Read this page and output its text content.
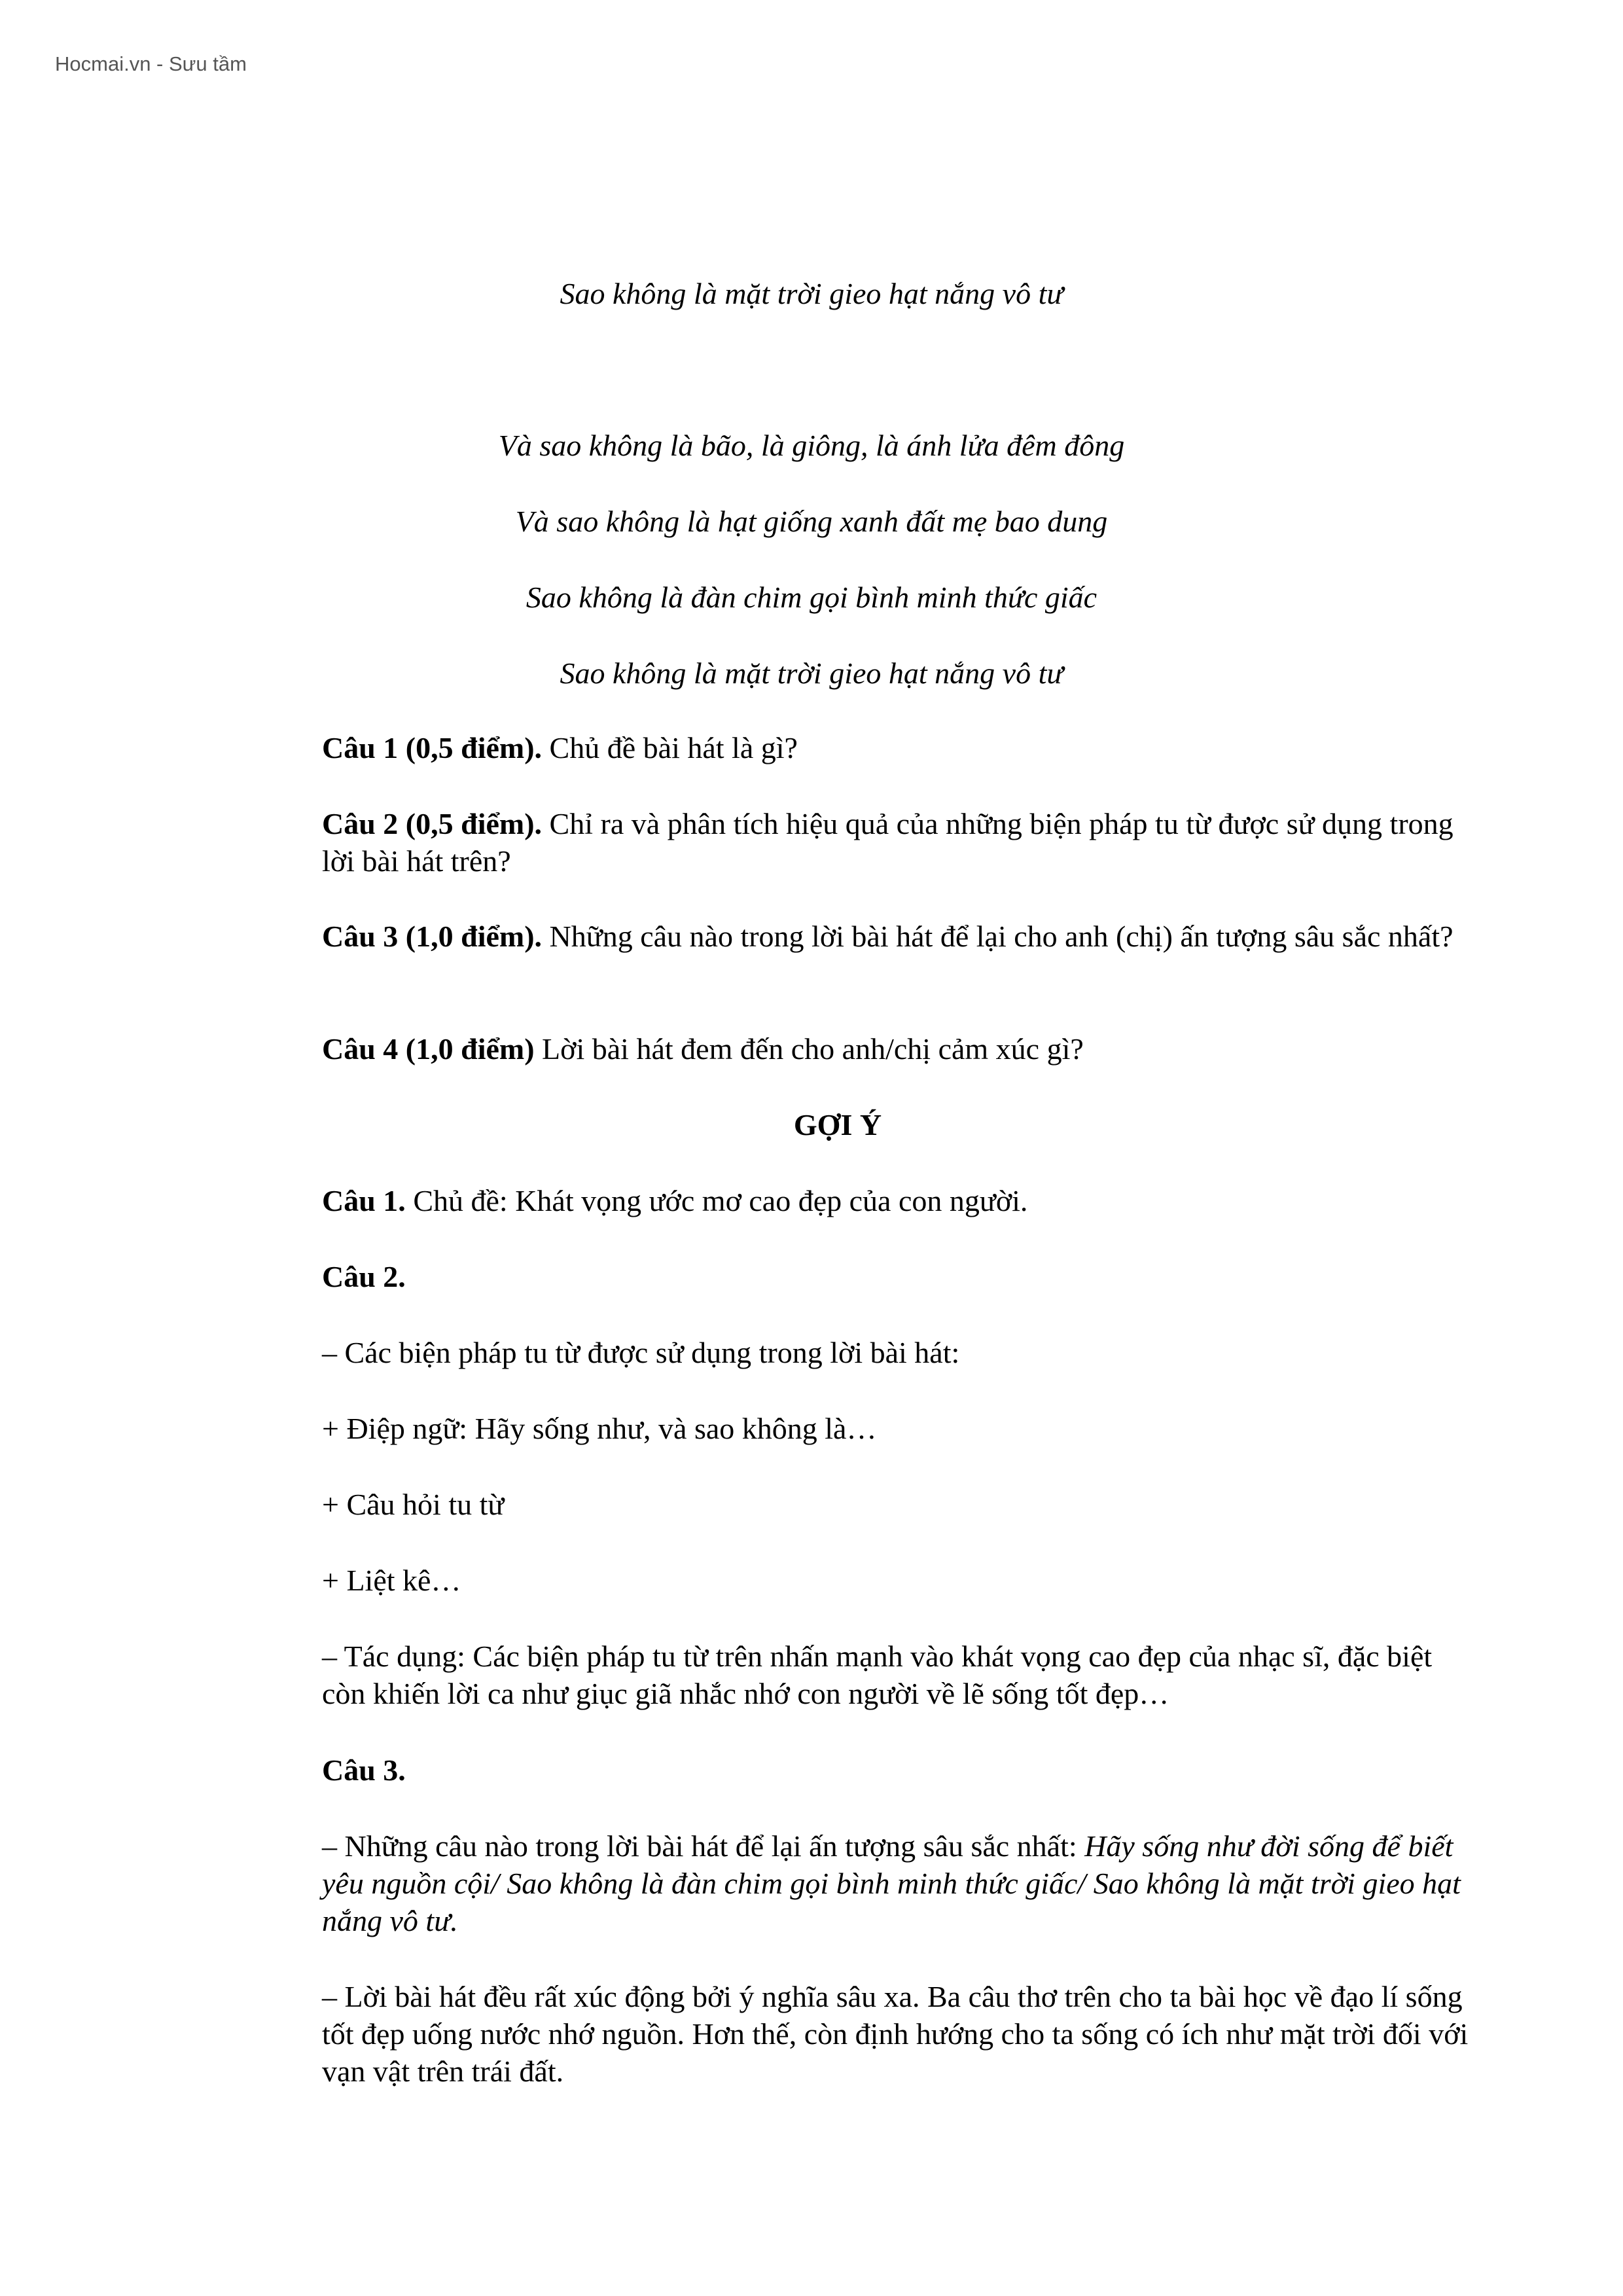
Hocmai.vn - Sưu tầm

Sao không là mặt trời gieo hạt nắng vô tư

Và sao không là bão, là giông, là ánh lửa đêm đông

Và sao không là hạt giống xanh đất mẹ bao dung

Sao không là đàn chim gọi bình minh thức giấc

Sao không là mặt trời gieo hạt nắng vô tư

Câu 1 (0,5 điểm). Chủ đề bài hát là gì?

Câu 2 (0,5 điểm). Chỉ ra và phân tích hiệu quả của những biện pháp tu từ được sử dụng trong lời bài hát trên?

Câu 3 (1,0 điểm). Những câu nào trong lời bài hát để lại cho anh (chị) ấn tượng sâu sắc nhất?

Câu 4 (1,0 điểm) Lời bài hát đem đến cho anh/chị cảm xúc gì?

GỢI Ý

Câu 1. Chủ đề: Khát vọng ước mơ cao đẹp của con người.

Câu 2.

– Các biện pháp tu từ được sử dụng trong lời bài hát:

+ Điệp ngữ: Hãy sống như, và sao không là…

+ Câu hỏi tu từ

+ Liệt kê…

– Tác dụng: Các biện pháp tu từ trên nhấn mạnh vào khát vọng cao đẹp của nhạc sĩ, đặc biệt còn khiến lời ca như giục giã nhắc nhớ con người về lẽ sống tốt đẹp…

Câu 3.

– Những câu nào trong lời bài hát để lại ấn tượng sâu sắc nhất: Hãy sống như đời sống để biết yêu nguồn cội/ Sao không là đàn chim gọi bình minh thức giấc/ Sao không là mặt trời gieo hạt nắng vô tư.

– Lời bài hát đều rất xúc động bởi ý nghĩa sâu xa. Ba câu thơ trên cho ta bài học về đạo lí sống tốt đẹp uống nước nhớ nguồn. Hơn thế, còn định hướng cho ta sống có ích như mặt trời đối với vạn vật trên trái đất.
